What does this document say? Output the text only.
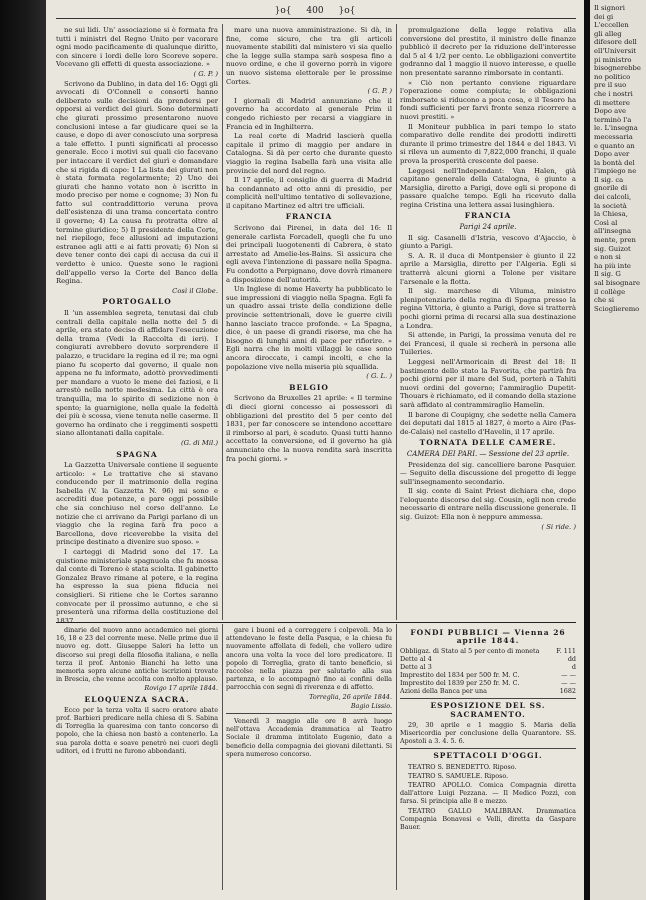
}o{ 400 }o{

ne sui lidi. Un' associazione si è formata fra tutti i ministri del Regno Unito per vacorare ogni modo pacificamente di qualunque diritto, con sincere i lordi delle loro Scoreve sopere. Vocevano gli effetti di questa associazione. »

( G. P. )

Scrivono da Dublino, in data del 16: Oggi gli avvocati di O'Connell e consorti hanno deliberato sulle decisioni da prendersi per opporsi ai verdict del giurì. Sono determinati che giurati prossimo presentarono nuove conclusioni intese a far giudicare quei se la cause, e dopo di aver conosciuto una sorpresa a tale effetto. I punti significati al processo generale. Ecco i motivi sui quali cio facevano per intaccare il verdict del giurì e domandare che si rigida di capo: 1 La lista dei giurati non è stata formata regolarmente; 2) Uno dei giurati che hanno votato non è iscritto in modo preciso per nome e cognome; 3) Non fu fatto sul contraddittorio veruna prova dell'esistenza di una trama concertata contro il governo; 4) La causa fu protratta oltre al termine giuridico; 5) Il presidente della Corte, nel riepilogo, fece allusioni ad imputazioni estranee agli atti e ai fatti provati; 6) Non si deve tener conto dei capi di accusa da cui il verdetto è unico. Queste sono le ragioni dell'appello verso la Corte del Banco della Regina.

Così il Globe.

PORTOGALLO

Il 'un assemblea segreta, tenutasi dai club centrali della capitale nella notte del 5 di aprile, era stato deciso di affidare l'esecuzione della trama (Vedi la Raccolta di ieri). I congiurati avrebbero dovuto sorprendere il palazzo, e trucidare la regina ed il re; ma ogni piano fu scoperto dal governo, il quale non appena ne fu informato, adottò provvedimenti per mandare a vuoto le mene dei faziosi, e li arrestò nella notte medesima. La città è ora tranquilla, ma lo spirito di sedizione non è spento; la guarnigione, nella quale la fedeltà dei più è scossa, viene tenuta nelle caserme. Il governo ha ordinato che i reggimenti sospetti siano allontanati dalla capitale.

(G. di Mil.)

SPAGNA

La Gazzetta Universale contiene il seguente articolo: « Le trattative che si stavano conducendo per il matrimonio della regina Isabella (V. la Gazzetta N. 96) mi sono e accrediti due potenze, e pare oggi possibile che sia conchiuso nel corso dell'anno. Le notizie che ci arrivano da Parigi parlano di un viaggio che la regina farà fra poco a Barcellona, dove riceverebbe la visita del principe destinato a divenire suo sposo. »

I carteggi di Madrid sono del 17. La quistione ministeriale spagnuola che fu mossa dal conte di Toreno è stata sciolta. Il gabinetto Gonzalez Bravo rimane al potere, e la regina ha espresso la sua piena fiducia nei consiglieri. Si ritiene che le Cortes saranno convocate per il prossimo autunno, e che si presenterà una riforma della costituzione del 1837.

mare una nuova amministrazione. Si dà, in fine, come sicuro, che tra gli articoli nuovamente stabiliti dal ministero vi sia quello che la legge sulla stampa sarà sospesa fino a nuovo ordine, e che il governo porrà in vigore un nuovo sistema elettorale per le prossime Cortes.

( G. P. )

I giornali di Madrid annunziano che il governo ha accordato al generale Prim il congedo richiesto per recarsi a viaggiare in Francia ed in Inghilterra.

La real corte di Madrid lascierà quella capitale il primo di maggio per andare in Catalogna. Si dà per certo che durante questo viaggio la regina Isabella farà una visita alle provincie del nord del regno.

Il 17 aprile, il consiglio di guerra di Madrid ha condannato ad otto anni di presidio, per complicità nell'ultimo tentativo di sollevazione, il capitano Martinez ed altri tre ufficiali.

FRANCIA

Scrivono dai Pirenei, in data del 16: Il generale carlista Forcadell, quegli che fu uno dei principali luogotenenti di Cabrera, è stato arrestato ad Amelie-les-Bains. Si assicura che egli aveva l'intenzione di passare nella Spagna. Fu condotto a Perpignano, dove dovrà rimanere a disposizione dell'autorità.

Un Inglese di nome Haverty ha pubblicato le sue impressioni di viaggio nella Spagna. Egli fa un quadro assai triste della condizione delle provincie settentrionali, dove le guerre civili hanno lasciato tracce profonde. « La Spagna, dice, è un paese di grandi risorse, ma che ha bisogno di lunghi anni di pace per rifiorire. » Egli narra che in molti villaggi le case sono ancora diroccate, i campi incolti, e che la popolazione vive nella miseria più squallida.

( G. L. )

BELGIO

Scrivono da Bruxelles 21 aprile: « Il termine di dieci giorni concesso ai possessori di obbligazioni del prestito del 5 per cento del 1831, per far conoscere se intendono accettare il rimborso al pari, è scaduto. Quasi tutti hanno accettato la conversione, ed il governo ha già annunciato che la nuova rendita sarà inscritta fra pochi giorni. »

promulgazione della legge relativa alla conversione del prestito, il ministro delle finanze pubblicò il decreto per la riduzione dell'interesse dal 5 al 4 1/2 per cento. Le obbligazioni convertite godranno dal 1 maggio il nuovo interesse, e quelle non presentate saranno rimborsate in contanti.

« Ciò non pertanto conviene riguardare l'operazione come compiuta; le obbligazioni rimborsate si riducono a poca cosa, e il Tesoro ha fondi sufficienti per farvi fronte senza ricorrere a nuovi prestiti. »

Il Moniteur pubblica in pari tempo lo stato comparativo delle rendite dei prodotti indiretti durante il primo trimestre del 1844 e del 1843. Vi si rileva un aumento di 7,822,000 franchi, il quale prova la prosperità crescente del paese.

Leggesi nell'Independant: Van Halen, già capitano generale della Catalogna, è giunto a Marsiglia, diretto a Parigi, dove egli si propone di passare qualche tempo. Egli ha ricevuto dalla regina Cristina una lettera assai lusinghiera.

FRANCIA

Parigi 24 aprile.

Il sig. Casanelli d'Istria, vescovo d'Ajaccio, è giunto a Parigi.

S. A. R. il duca di Montpensier è giunto il 22 aprile a Marsiglia, diretto per l'Algeria. Egli si tratterrà alcuni giorni a Tolone per visitare l'arsenale e la flotta.

Il sig. marchese di Viluma, ministro plenipotenziario della regina di Spagna presso la regina Vittoria, è giunto a Parigi, dove si tratterrà pochi giorni prima di recarsi alla sua destinazione a Londra.

Si attende, in Parigi, la prossima venuta del re dei Francesi, il quale si recherà in persona alle Tuileries.

Leggesi nell'Armoricain di Brest del 18: Il bastimento dello stato la Favorita, che partirà fra pochi giorni per il mare del Sud, porterà a Tahiti nuovi ordini del governo; l'ammiraglio Dupetit-Thouars è richiamato, ed il comando della stazione sarà affidato al contrammiraglio Hamelin.

Il barone di Coupigny, che sedette nella Camera dei deputati dal 1815 al 1827, è morto a Aire (Pas-de-Calais) nel castello d'Havelin, il 17 aprile.

TORNATA DELLE CAMERE.

CAMERA DEI PARI. — Sessione del 23 aprile.

Presidenza del sig. cancelliere barone Pasquier. — Seguito della discussione del progetto di legge sull'insegnamento secondario.

Il sig. conte di Saint Priest dichiara che, dopo l'eloquente discorso del sig. Cousin, egli non crede necessario di entrare nella discussione generale. Il sig. Guizot: Ella non è neppure ammessa.

( Si ride. )

dinarie del nuovo anno accademico nei giorni 16, 18 e 23 del corrente mese. Nelle prime due il nuovo eg. dott. Giuseppe Saleri ha letto un discorso sui pregi della filosofia italiana, e nella terza il prof. Antonio Bianchi ha letto una memoria sopra alcune antiche iscrizioni trovate in Brescia, che venne accolta con molto applauso.

Rovigo 17 aprile 1844.

ELOQUENZA SACRA.

Ecco per la terza volta il sacro oratore abate prof. Barbieri predicare nella chiesa di S. Sabina di Torreglia la quaresima con tanto concorso di popolo, che la chiesa non bastò a contenerlo. La sua parola dotta e soave penetrò nei cuori degli uditori, ed i frutti ne furono abbondanti.

gare i buoni ed a correggere i colpevoli. Ma lo attendevano le feste della Pasqua, e la chiesa fu nuovamente affollata di fedeli, che vollero udire ancora una volta la voce del loro predicatore. Il popolo di Torreglia, grato di tanto beneficio, si raccolse nella piazza per salutarlo alla sua partenza, e lo accompagnò fino ai confini della parrocchia con segni di riverenza e di affetto.

Torreglia, 26 aprile 1844.

Bagio Lissio.

Venerdì 3 maggio alle ore 8 avrà luogo nell'ottava Accademia drammatica al Teatro Sociale il dramma intitolato Eugenio, dato a beneficio della compagnia dei giovani dilettanti. Si spera numeroso concorso.

FONDI PUBBLICI — Vienna 26 aprile 1844.

Obbligaz. di Stato al 5 per cento di moneta	F. 111
Dette al 4	dd
Dette al 3	d
Imprestito del 1834 per 500 fr. M. C.	— —
Imprestito del 1839 per 250 fr. M. C.	— —
Azioni della Banca per una	1682

ESPOSIZIONE DEL SS. SACRAMENTO.

29, 30 aprile e 1 maggio S. Maria della Misericordia per conclusione della Quarantore. SS. Apostoli a 3. 4. 5. 6.

SPETTACOLI D'OGGI.

TEATRO S. BENEDETTO. Riposo.

TEATRO S. SAMUELE. Riposo.

TEATRO APOLLO. Comica Compagnia diretta dall'attore Luigi Pezzana. — Il Medico Pozzi, con farsa. Si principia alle 8 e mezzo.

TEATRO GALLO MALIBRAN. Drammatica Compagnia Bonavesi e Velli, diretta da Gaspare Bauer.

Il signori
dei gi
L'eccellen
gli alleg
difesore dell
ell'Universit
pi ministro
bisognerebbe
no politico
pre il suo
che i nostri
di mettere
Dopo ave
terminò l'a
le. L'insegna
mecessaria
e quanto an
Dopo aver
la bontà del
l'impiego ne
Il sig. ca
gnorile di
dei calcoli,
la società
la Chiesa,
Così al
all'insegna
mente, pren
sig. Guizot
e non si
ha più inte
Il sig. G
sal bisognare
il collège
che si
Scioglieremo
